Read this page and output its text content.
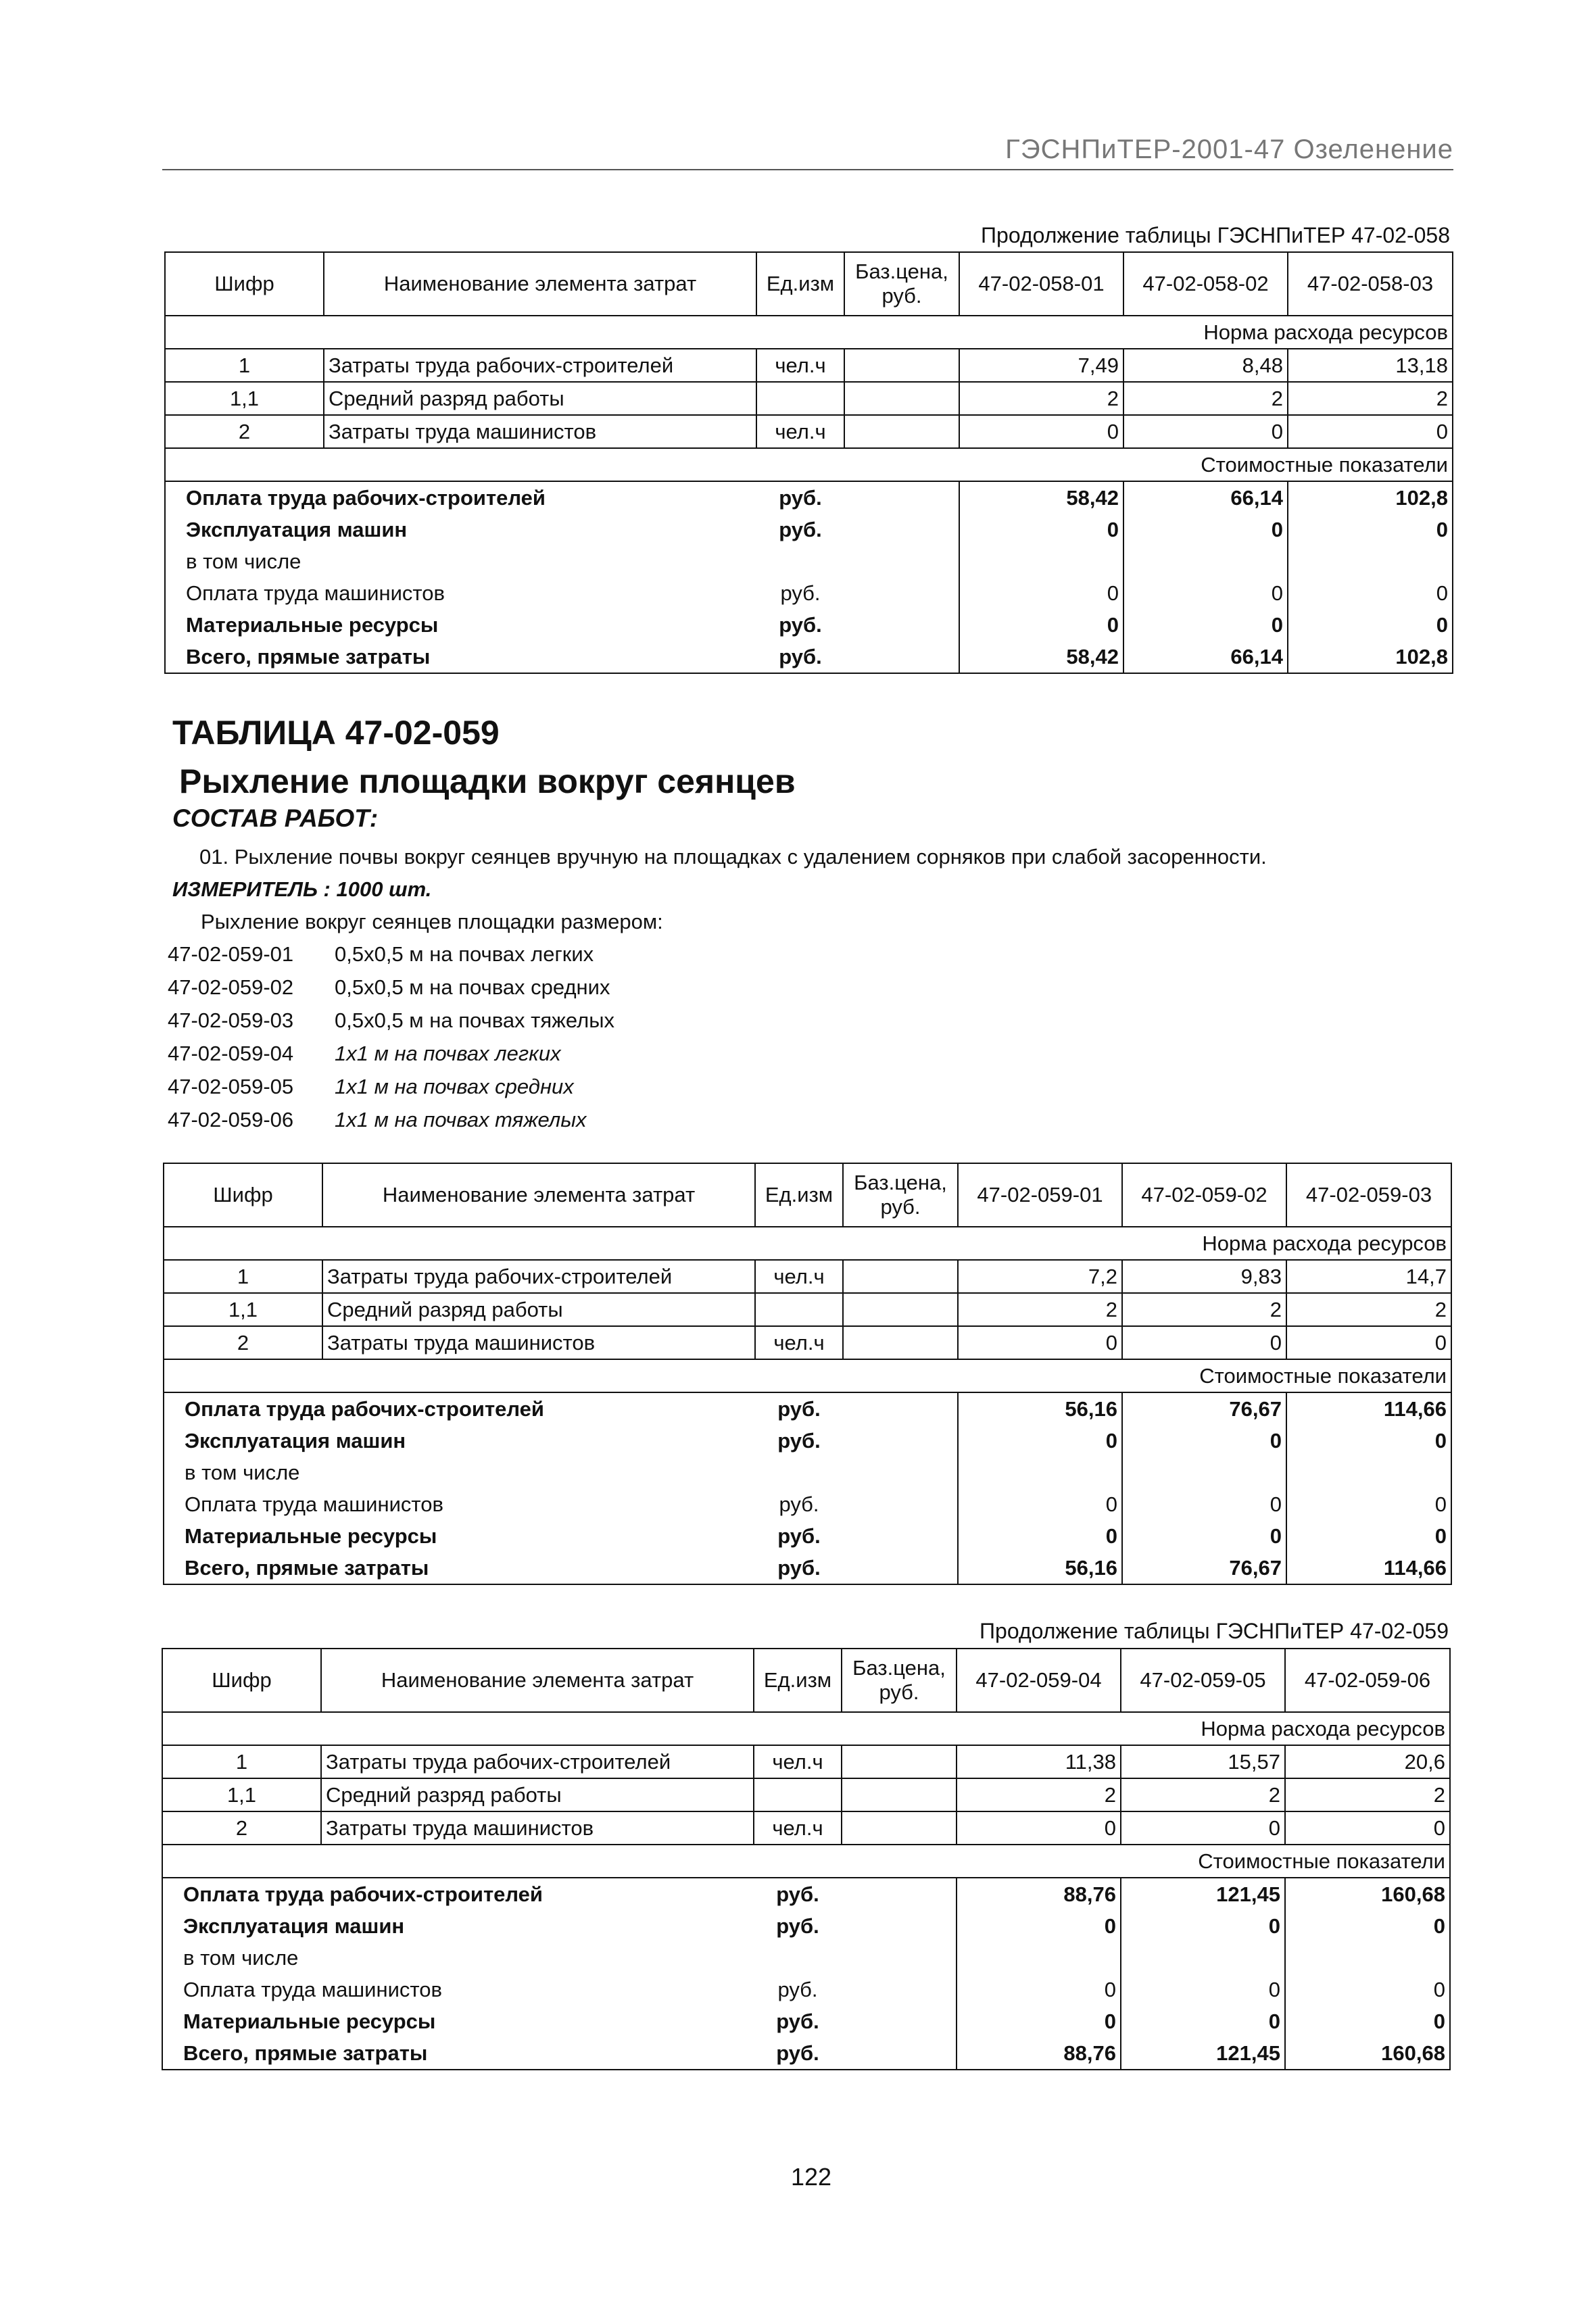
ГЭСНПиТЕР-2001-47 Озеленение
Продолжение таблицы ГЭСНПиТЕР 47-02-058
Шифр	Наименование элемента затрат	Ед.изм	Баз.цена, руб.	47-02-058-01	47-02-058-02	47-02-058-03
Норма расхода ресурсов						
1	Затраты труда рабочих-строителей	чел.ч		7,49	8,48	13,18
1,1	Средний разряд работы			2	2	2
2	Затраты труда машинистов	чел.ч		0	0	0
Стоимостные показатели						
Оплата труда рабочих-строителей		руб.		58,42	66,14	102,8
Эксплуатация машин		руб.		0	0	0
в том числе						
Оплата труда машинистов		руб.		0	0	0
Материальные ресурсы		руб.		0	0	0
Всего, прямые затраты		руб.		58,42	66,14	102,8
ТАБЛИЦА 47-02-059
Рыхление площадки вокруг сеянцев
СОСТАВ РАБОТ:
01. Рыхление почвы вокруг сеянцев вручную на площадках с удалением сорняков при слабой засоренности.
ИЗМЕРИТЕЛЬ : 1000 шт.
Рыхление вокруг сеянцев площадки размером:
47-02-059-01 0,5х0,5 м на почвах легких
47-02-059-02 0,5х0,5 м на почвах средних
47-02-059-03 0,5х0,5 м на почвах тяжелых
47-02-059-04 1х1 м на почвах легких
47-02-059-05 1х1 м на почвах средних
47-02-059-06 1х1 м на почвах тяжелых
Шифр	Наименование элемента затрат	Ед.изм	Баз.цена, руб.	47-02-059-01	47-02-059-02	47-02-059-03
Норма расхода ресурсов						
1	Затраты труда рабочих-строителей	чел.ч		7,2	9,83	14,7
1,1	Средний разряд работы			2	2	2
2	Затраты труда машинистов	чел.ч		0	0	0
Стоимостные показатели						
Оплата труда рабочих-строителей		руб.		56,16	76,67	114,66
Эксплуатация машин		руб.		0	0	0
в том числе						
Оплата труда машинистов		руб.		0	0	0
Материальные ресурсы		руб.		0	0	0
Всего, прямые затраты		руб.		56,16	76,67	114,66
Продолжение таблицы ГЭСНПиТЕР 47-02-059
Шифр	Наименование элемента затрат	Ед.изм	Баз.цена, руб.	47-02-059-04	47-02-059-05	47-02-059-06
Норма расхода ресурсов						
1	Затраты труда рабочих-строителей	чел.ч		11,38	15,57	20,6
1,1	Средний разряд работы			2	2	2
2	Затраты труда машинистов	чел.ч		0	0	0
Стоимостные показатели						
Оплата труда рабочих-строителей		руб.		88,76	121,45	160,68
Эксплуатация машин		руб.		0	0	0
в том числе						
Оплата труда машинистов		руб.		0	0	0
Материальные ресурсы		руб.		0	0	0
Всего, прямые затраты		руб.		88,76	121,45	160,68
122
